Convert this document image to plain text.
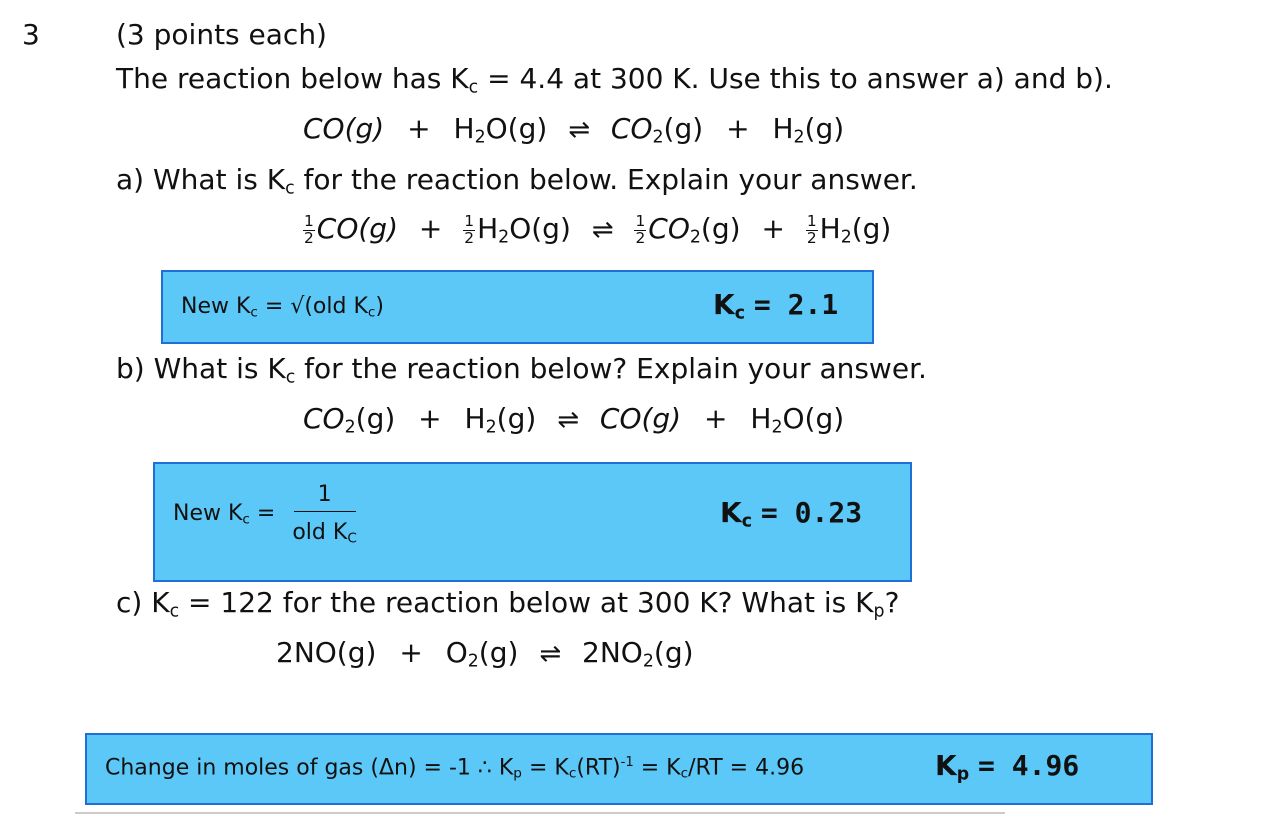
3	(3 points each)
The reaction below has $K_c = 4.4$ at 300 K. Use this to answer a) and b).
$CO(g) + H_2O(g)$ ⇌ $CO_2(g) + H_2(g)$
a) What is $K_c$ for the reaction below. Explain your answer.
$\frac{1}{2} CO(g) + \frac{1}{2} H_2O(g)$ ⇌ $\frac{1}{2} CO_2(g) + \frac{1}{2} H_2(g)$
New $K_c = √(old$ $K_c$)	$K_c = 2.1$
b) What is $K_c$ for the reaction below? Explain your answer.
$CO_2(g) + H_2(g)$ ⇌ $CO(g) + H_2O(g)$
New $K_c = \frac{1}{old K_C}$	$K_c = 0.23$
c) $K_c = 122$ for the reaction below at 300 K? What is $K_p$?
$2NO(g) + O_2(g)$ ⇌ $2NO_2(g)$
Change in moles of gas (Δn) = -1 ∴ $K_p = K_c(RT)^{-1} = K_c/RT = 4.96$	$K_p = 4.96$
